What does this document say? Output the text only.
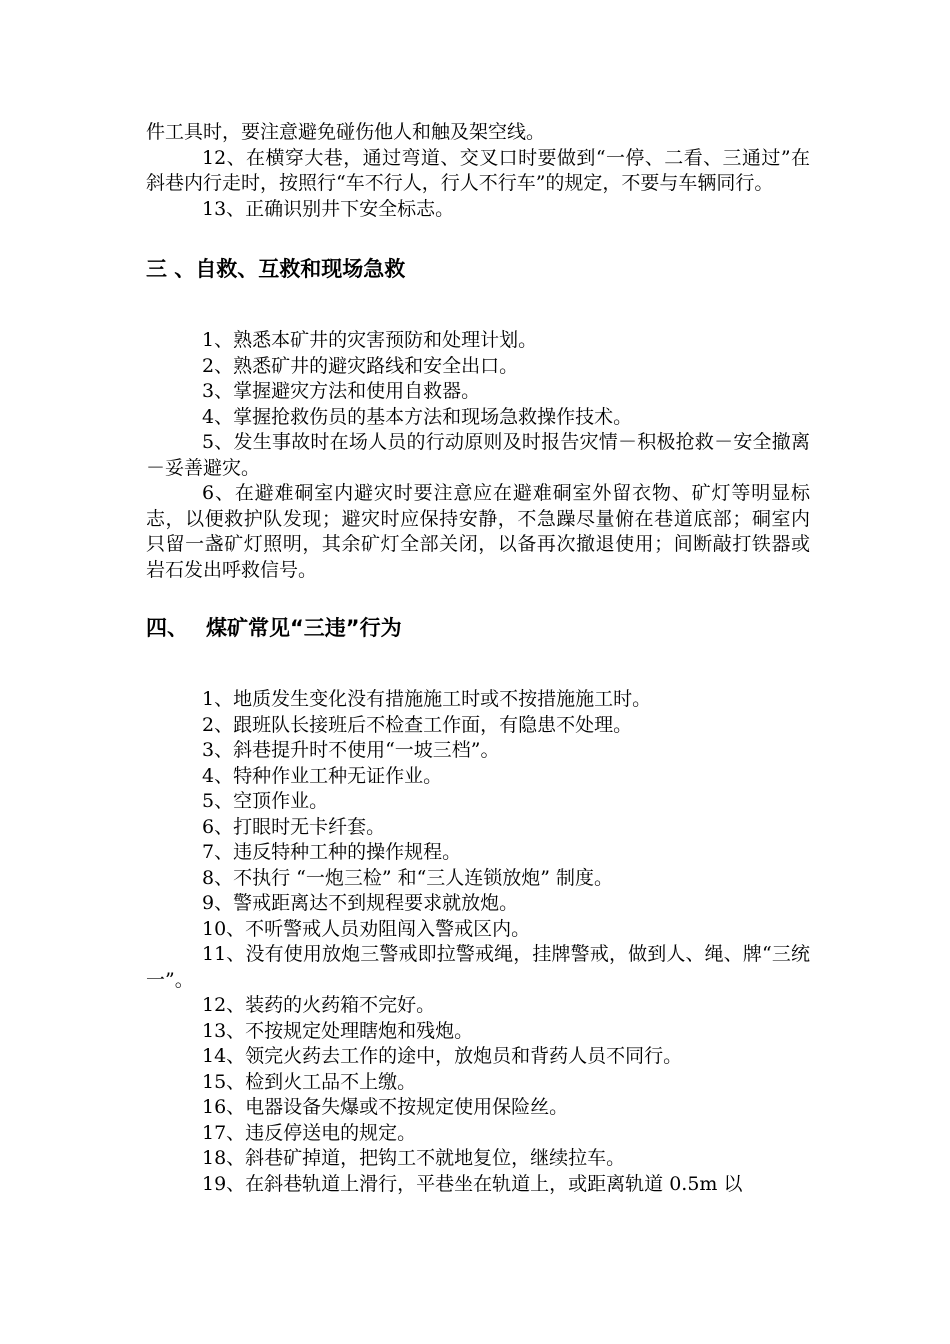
件工具时，要注意避免碰伤他人和触及架空线。

12、在横穿大巷，通过弯道、交叉口时要做到“一停、二看、三通过”在斜巷内行走时，按照行“车不行人，行人不行车”的规定，不要与车辆同行。

13、正确识别井下安全标志。

三 、自救、互救和现场急救

1、熟悉本矿井的灾害预防和处理计划。

2、熟悉矿井的避灾路线和安全出口。

3、掌握避灾方法和使用自救器。

4、掌握抢救伤员的基本方法和现场急救操作技术。

5、发生事故时在场人员的行动原则及时报告灾情－积极抢救－安全撤离－妥善避灾。

6、在避难硐室内避灾时要注意应在避难硐室外留衣物、矿灯等明显标志，以便救护队发现；避灾时应保持安静，不急躁尽量俯在巷道底部；硐室内只留一盏矿灯照明，其余矿灯全部关闭，以备再次撤退使用；间断敲打铁器或岩石发出呼救信号。

四、 煤矿常见“三违”行为

1、地质发生变化没有措施施工时或不按措施施工时。

2、跟班队长接班后不检查工作面，有隐患不处理。

3、斜巷提升时不使用“一坡三档”。

4、特种作业工种无证作业。

5、空顶作业。

6、打眼时无卡纤套。

7、违反特种工种的操作规程。

8、不执行 “一炮三检” 和“三人连锁放炮” 制度。

9、警戒距离达不到规程要求就放炮。

10、不听警戒人员劝阻闯入警戒区内。

11、没有使用放炮三警戒即拉警戒绳，挂牌警戒，做到人、绳、牌“三统一”。

12、装药的火药箱不完好。

13、不按规定处理瞎炮和残炮。

14、领完火药去工作的途中，放炮员和背药人员不同行。

15、检到火工品不上缴。

16、电器设备失爆或不按规定使用保险丝。

17、违反停送电的规定。

18、斜巷矿掉道，把钩工不就地复位，继续拉车。

19、在斜巷轨道上滑行，平巷坐在轨道上，或距离轨道 0.5m 以
